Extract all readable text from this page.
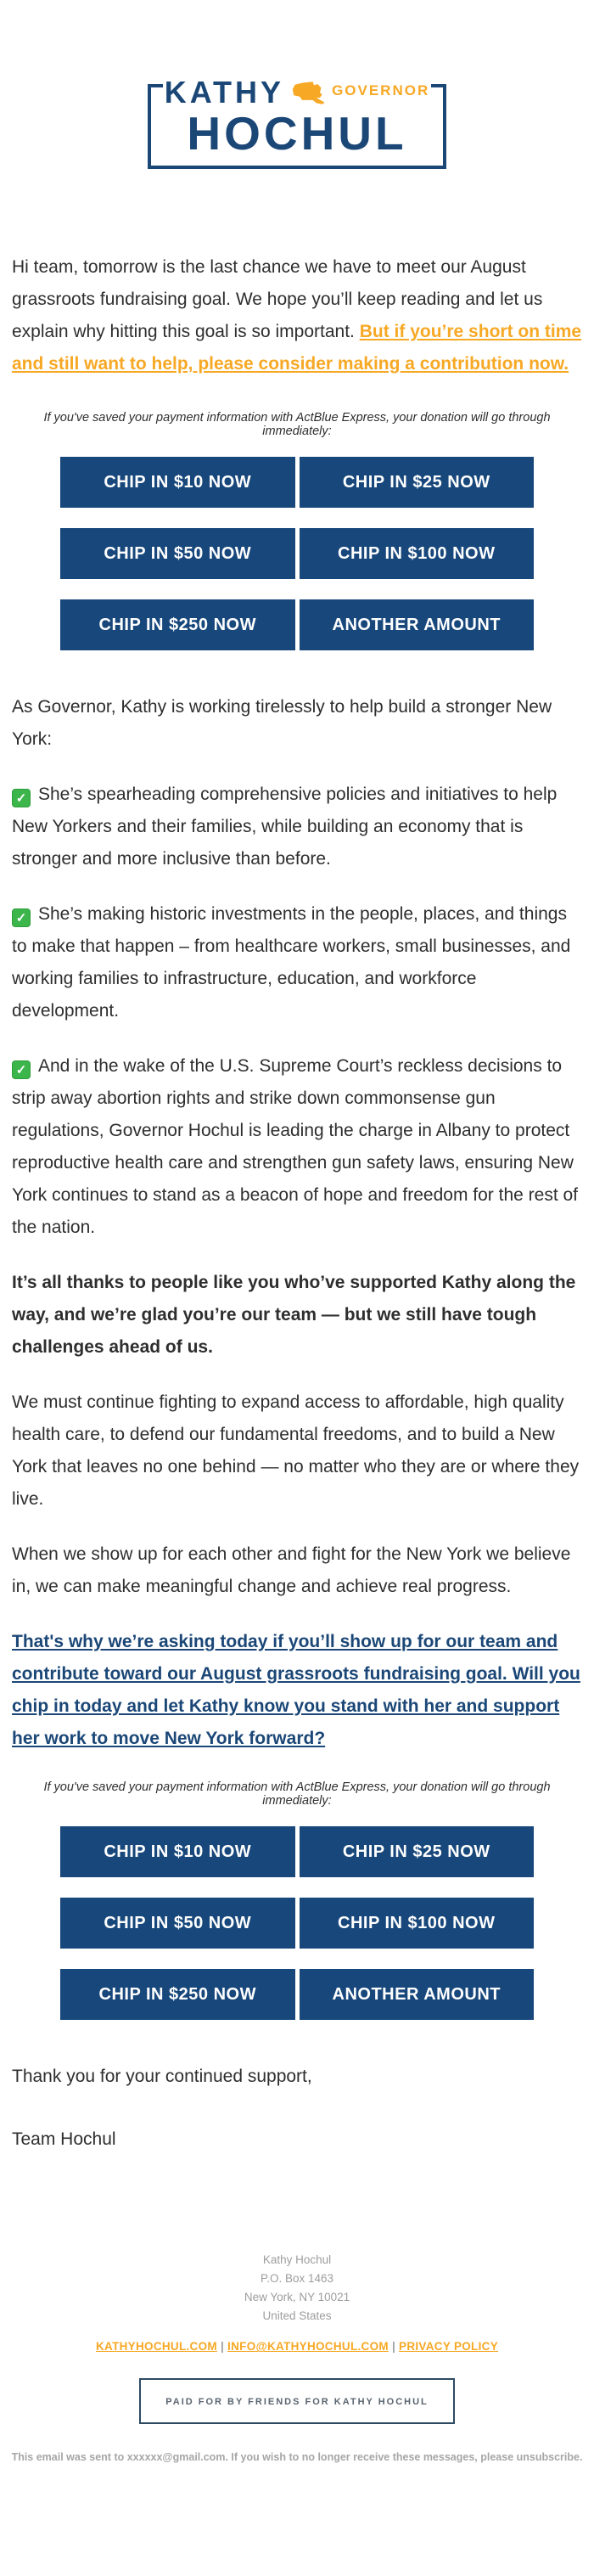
KATHY	GOVERNOR
HOCHUL

Hi team, tomorrow is the last chance we have to meet our August grassroots fundraising goal. We hope you’ll keep reading and let us explain why hitting this goal is so important. But if you’re short on time and still want to help, please consider making a contribution now.

If you've saved your payment information with ActBlue Express, your donation will go through immediately:

CHIP IN $10 NOW	CHIP IN $25 NOW
CHIP IN $50 NOW	CHIP IN $100 NOW
CHIP IN $250 NOW	ANOTHER AMOUNT

As Governor, Kathy is working tirelessly to help build a stronger New York:

✓ She’s spearheading comprehensive policies and initiatives to help New Yorkers and their families, while building an economy that is stronger and more inclusive than before.

✓ She’s making historic investments in the people, places, and things to make that happen – from healthcare workers, small businesses, and working families to infrastructure, education, and workforce development.

✓ And in the wake of the U.S. Supreme Court’s reckless decisions to strip away abortion rights and strike down commonsense gun regulations, Governor Hochul is leading the charge in Albany to protect reproductive health care and strengthen gun safety laws, ensuring New York continues to stand as a beacon of hope and freedom for the rest of the nation.

It’s all thanks to people like you who’ve supported Kathy along the way, and we’re glad you’re our team — but we still have tough challenges ahead of us.

We must continue fighting to expand access to affordable, high quality health care, to defend our fundamental freedoms, and to build a New York that leaves no one behind — no matter who they are or where they live.

When we show up for each other and fight for the New York we believe in, we can make meaningful change and achieve real progress.

That's why we’re asking today if you’ll show up for our team and contribute toward our August grassroots fundraising goal. Will you chip in today and let Kathy know you stand with her and support her work to move New York forward?

If you've saved your payment information with ActBlue Express, your donation will go through immediately:

CHIP IN $10 NOW	CHIP IN $25 NOW
CHIP IN $50 NOW	CHIP IN $100 NOW
CHIP IN $250 NOW	ANOTHER AMOUNT

Thank you for your continued support,

Team Hochul

Kathy Hochul
P.O. Box 1463
New York, NY 10021
United States
KATHYHOCHUL.COM | INFO@KATHYHOCHUL.COM | PRIVACY POLICY
PAID FOR BY FRIENDS FOR KATHY HOCHUL

This email was sent to xxxxxx@gmail.com. If you wish to no longer receive these messages, please unsubscribe.
